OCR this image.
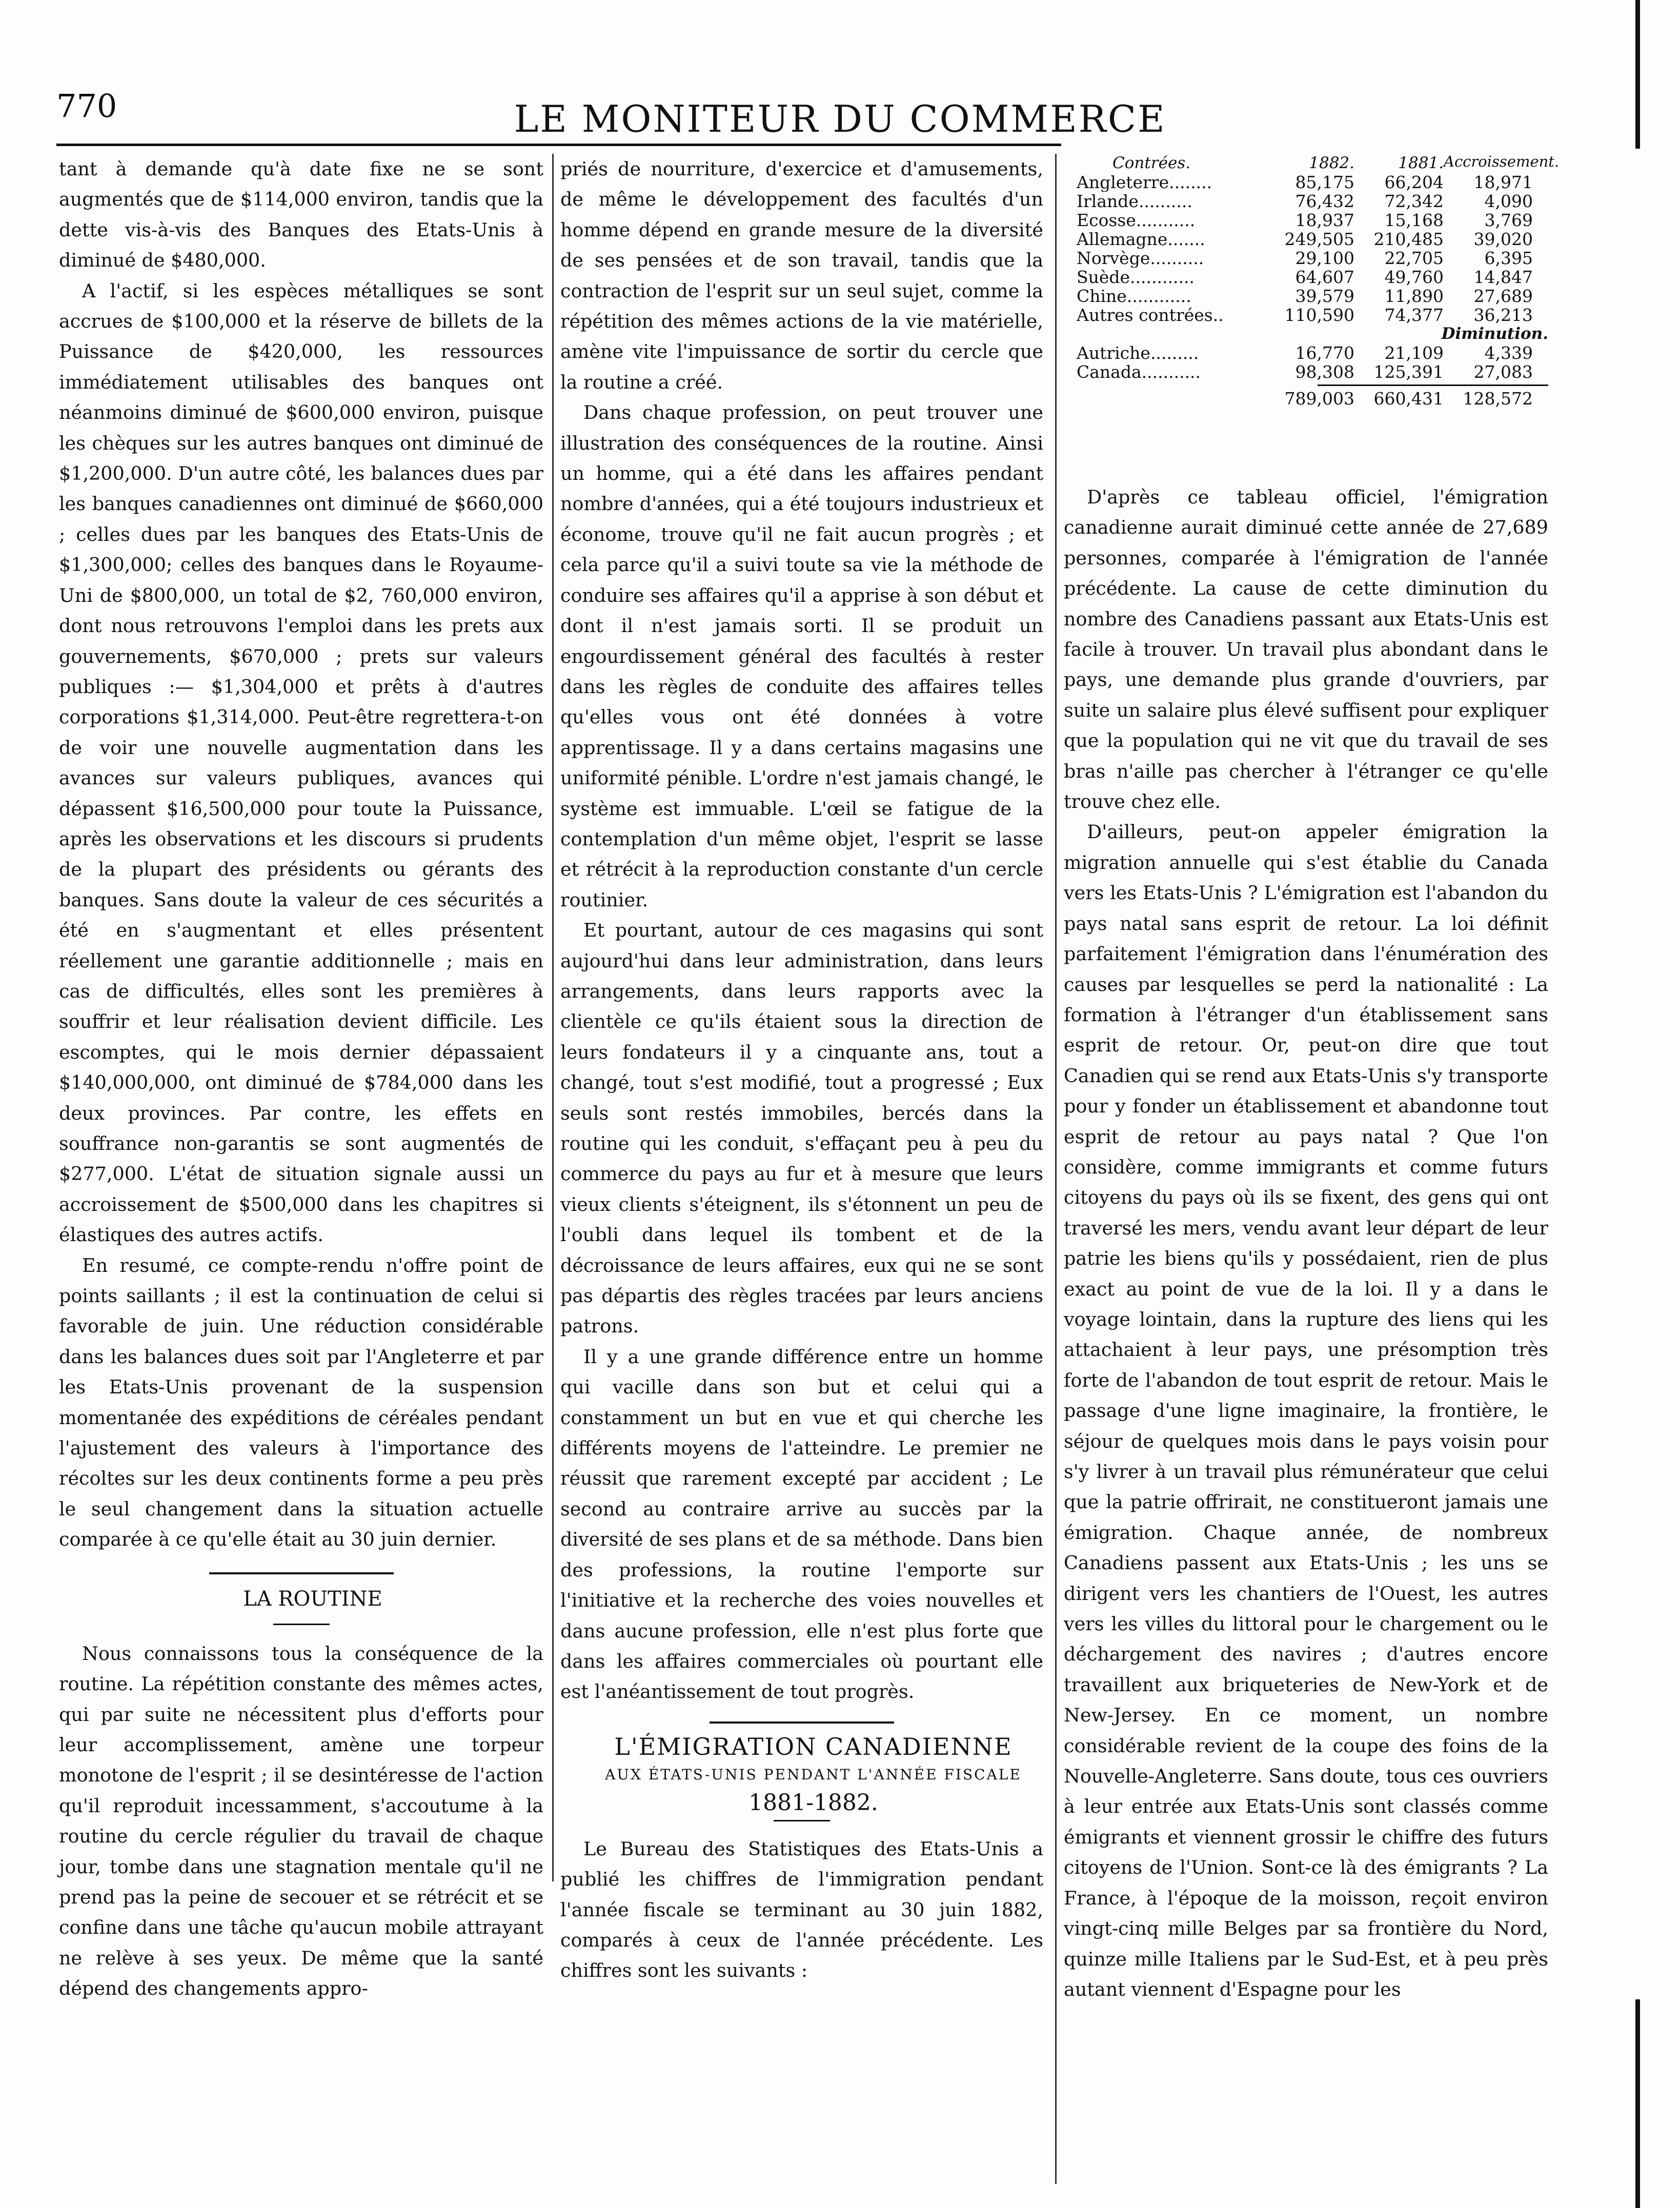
770	LE MONITEUR DU COMMERCE

tant à demande qu'à date fixe ne se sont augmentés que de $114,000 environ, tandis que la dette vis-à-vis des Banques des Etats-Unis à diminué de $480,000.

A l'actif, si les espèces métalliques se sont accrues de $100,000 et la réserve de billets de la Puissance de $420,000, les ressources immédiatement utilisables des banques ont néanmoins diminué de $600,000 environ, puisque les chèques sur les autres banques ont diminué de $1,200,000. D'un autre côté, les balances dues par les banques canadiennes ont diminué de $660,000 ; celles dues par les banques des Etats-Unis de $1,300,000; celles des banques dans le Royaume-Uni de $800,000, un total de $2, 760,000 environ, dont nous retrouvons l'emploi dans les prets aux gouvernements, $670,000 ; prets sur valeurs publiques :— $1,304,000 et prêts à d'autres corporations $1,314,000. Peut-être regrettera-t-on de voir une nouvelle augmentation dans les avances sur valeurs publiques, avances qui dépassent $16,500,000 pour toute la Puissance, après les observations et les discours si prudents de la plupart des présidents ou gérants des banques. Sans doute la valeur de ces sécurités a été en s'augmentant et elles présentent réellement une garantie additionnelle ; mais en cas de difficultés, elles sont les premières à souffrir et leur réalisation devient difficile. Les escomptes, qui le mois dernier dépassaient $140,000,000, ont diminué de $784,000 dans les deux provinces. Par contre, les effets en souffrance non-garantis se sont augmentés de $277,000. L'état de situation signale aussi un accroissement de $500,000 dans les chapitres si élastiques des autres actifs.

En resumé, ce compte-rendu n'offre point de points saillants ; il est la continuation de celui si favorable de juin. Une réduction considérable dans les balances dues soit par l'Angleterre et par les Etats-Unis provenant de la suspension momentanée des expéditions de céréales pendant l'ajustement des valeurs à l'importance des récoltes sur les deux continents forme a peu près le seul changement dans la situation actuelle comparée à ce qu'elle était au 30 juin dernier.

LA ROUTINE

Nous connaissons tous la conséquence de la routine. La répétition constante des mêmes actes, qui par suite ne nécessitent plus d'efforts pour leur accomplissement, amène une torpeur monotone de l'esprit ; il se desintéresse de l'action qu'il reproduit incessamment, s'accoutume à la routine du cercle régulier du travail de chaque jour, tombe dans une stagnation mentale qu'il ne prend pas la peine de secouer et se rétrécit et se confine dans une tâche qu'aucun mobile attrayant ne relève à ses yeux. De même que la santé dépend des changements appro-

priés de nourriture, d'exercice et d'amusements, de même le développement des facultés d'un homme dépend en grande mesure de la diversité de ses pensées et de son travail, tandis que la contraction de l'esprit sur un seul sujet, comme la répétition des mêmes actions de la vie matérielle, amène vite l'impuissance de sortir du cercle que la routine a créé.

Dans chaque profession, on peut trouver une illustration des conséquences de la routine. Ainsi un homme, qui a été dans les affaires pendant nombre d'années, qui a été toujours industrieux et économe, trouve qu'il ne fait aucun progrès ; et cela parce qu'il a suivi toute sa vie la méthode de conduire ses affaires qu'il a apprise à son début et dont il n'est jamais sorti. Il se produit un engourdissement général des facultés à rester dans les règles de conduite des affaires telles qu'elles vous ont été données à votre apprentissage. Il y a dans certains magasins une uniformité pénible. L'ordre n'est jamais changé, le système est immuable. L'œil se fatigue de la contemplation d'un même objet, l'esprit se lasse et rétrécit à la reproduction constante d'un cercle routinier.

Et pourtant, autour de ces magasins qui sont aujourd'hui dans leur administration, dans leurs arrangements, dans leurs rapports avec la clientèle ce qu'ils étaient sous la direction de leurs fondateurs il y a cinquante ans, tout a changé, tout s'est modifié, tout a progressé ; Eux seuls sont restés immobiles, bercés dans la routine qui les conduit, s'effaçant peu à peu du commerce du pays au fur et à mesure que leurs vieux clients s'éteignent, ils s'étonnent un peu de l'oubli dans lequel ils tombent et de la décroissance de leurs affaires, eux qui ne se sont pas départis des règles tracées par leurs anciens patrons.

Il y a une grande différence entre un homme qui vacille dans son but et celui qui a constamment un but en vue et qui cherche les différents moyens de l'atteindre. Le premier ne réussit que rarement excepté par accident ; Le second au contraire arrive au succès par la diversité de ses plans et de sa méthode. Dans bien des professions, la routine l'emporte sur l'initiative et la recherche des voies nouvelles et dans aucune profession, elle n'est plus forte que dans les affaires commerciales où pourtant elle est l'anéantissement de tout progrès.

L'ÉMIGRATION CANADIENNE

AUX ÉTATS-UNIS PENDANT L'ANNÉE FISCALE

1881-1882.

Le Bureau des Statistiques des Etats-Unis a publié les chiffres de l'immigration pendant l'année fiscale se terminant au 30 juin 1882, comparés à ceux de l'année précédente. Les chiffres sont les suivants :

Contrées.	1882.	1881. Accroissement.
Angleterre........	85,175	66,204	18,971
Irlande..........	76,432	72,342	4,090
Ecosse...........	18,937	15,168	3,769
Allemagne.......	249,505	210,485	39,020
Norvège..........	29,100	22,705	6,395
Suède............	64,607	49,760	14,847
Chine............	39,579	11,890	27,689
Autres contrées..	110,590	74,377	36,213
Diminution.
Autriche.........	16,770	21,109	4,339
Canada...........	98,308	125,391	27,083
789,003	660,431	128,572

D'après ce tableau officiel, l'émigration canadienne aurait diminué cette année de 27,689 personnes, comparée à l'émigration de l'année précédente. La cause de cette diminution du nombre des Canadiens passant aux Etats-Unis est facile à trouver. Un travail plus abondant dans le pays, une demande plus grande d'ouvriers, par suite un salaire plus élevé suffisent pour expliquer que la population qui ne vit que du travail de ses bras n'aille pas chercher à l'étranger ce qu'elle trouve chez elle.

D'ailleurs, peut-on appeler émigration la migration annuelle qui s'est établie du Canada vers les Etats-Unis ? L'émigration est l'abandon du pays natal sans esprit de retour. La loi définit parfaitement l'émigration dans l'énumération des causes par lesquelles se perd la nationalité : La formation à l'étranger d'un établissement sans esprit de retour. Or, peut-on dire que tout Canadien qui se rend aux Etats-Unis s'y transporte pour y fonder un établissement et abandonne tout esprit de retour au pays natal ? Que l'on considère, comme immigrants et comme futurs citoyens du pays où ils se fixent, des gens qui ont traversé les mers, vendu avant leur départ de leur patrie les biens qu'ils y possédaient, rien de plus exact au point de vue de la loi. Il y a dans le voyage lointain, dans la rupture des liens qui les attachaient à leur pays, une présomption très forte de l'abandon de tout esprit de retour. Mais le passage d'une ligne imaginaire, la frontière, le séjour de quelques mois dans le pays voisin pour s'y livrer à un travail plus rémunérateur que celui que la patrie offrirait, ne constitueront jamais une émigration. Chaque année, de nombreux Canadiens passent aux Etats-Unis ; les uns se dirigent vers les chantiers de l'Ouest, les autres vers les villes du littoral pour le chargement ou le déchargement des navires ; d'autres encore travaillent aux briqueteries de New-York et de New-Jersey. En ce moment, un nombre considérable revient de la coupe des foins de la Nouvelle-Angleterre. Sans doute, tous ces ouvriers à leur entrée aux Etats-Unis sont classés comme émigrants et viennent grossir le chiffre des futurs citoyens de l'Union. Sont-ce là des émigrants ? La France, à l'époque de la moisson, reçoit environ vingt-cinq mille Belges par sa frontière du Nord, quinze mille Italiens par le Sud-Est, et à peu près autant viennent d'Espagne pour les
